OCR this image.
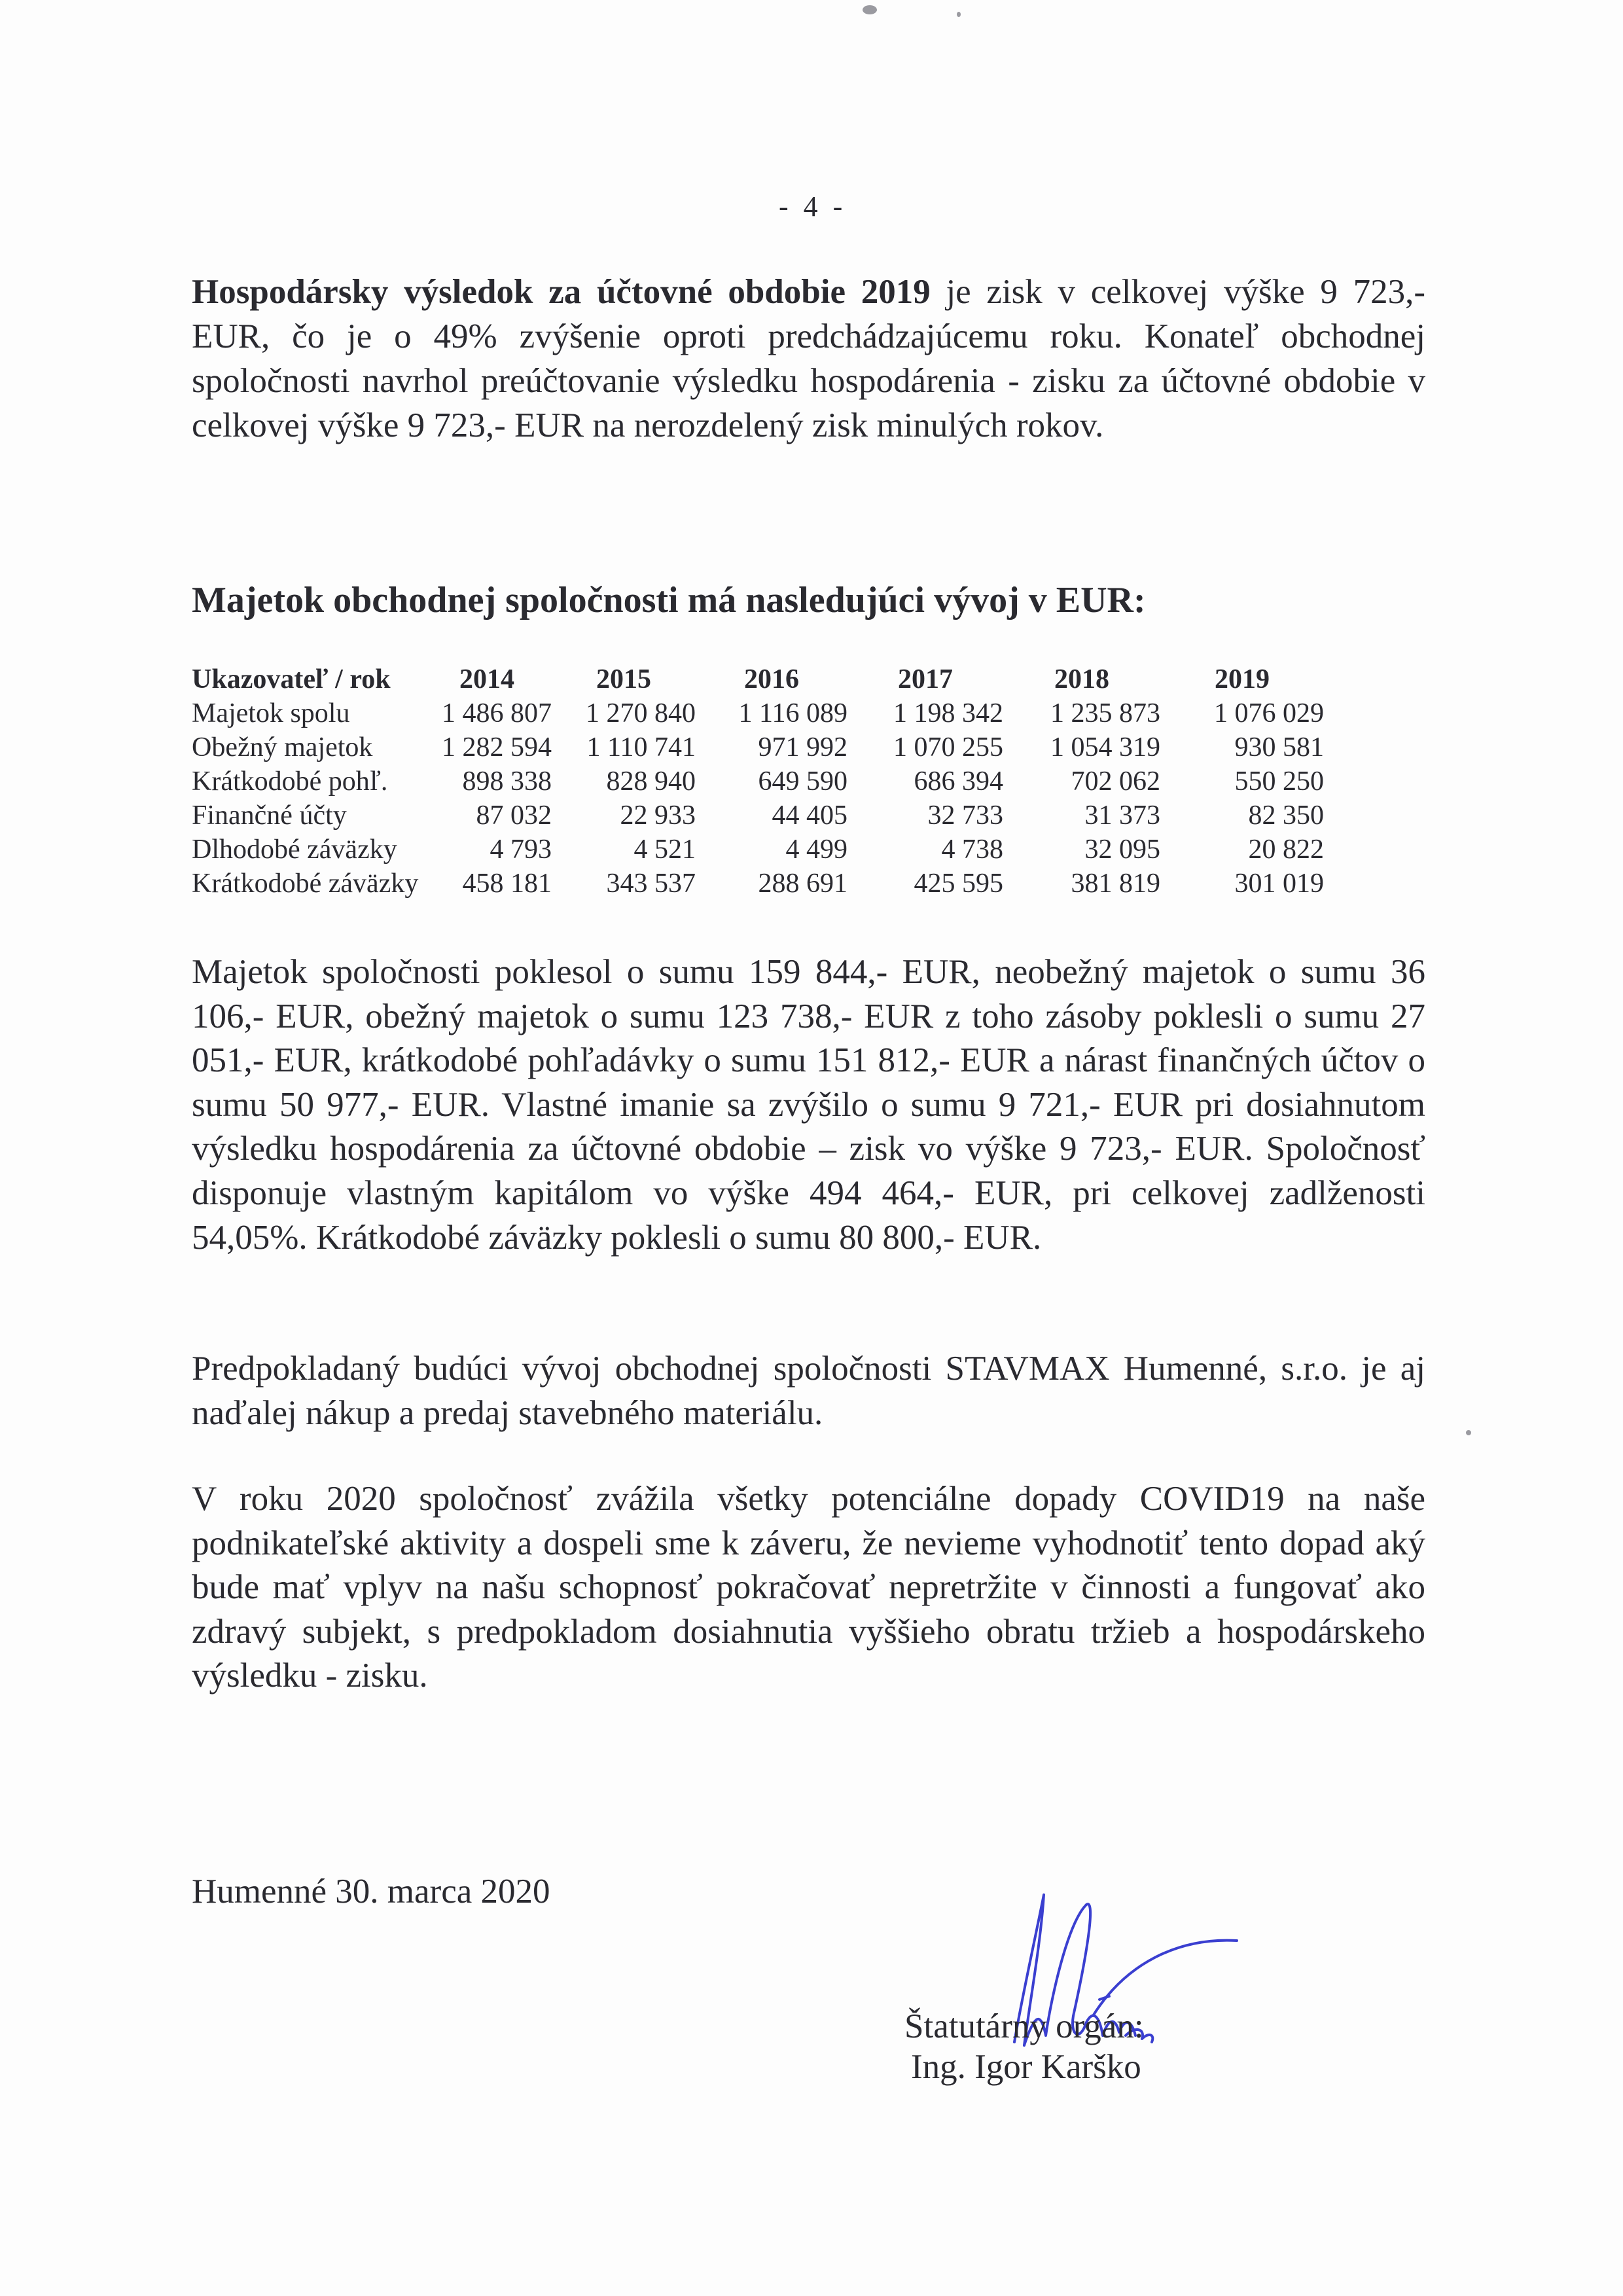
- 4 -
Hospodársky výsledok za účtovné obdobie 2019 je zisk v celkovej výške 9 723,- EUR, čo je o 49% zvýšenie oproti predchádzajúcemu roku. Konateľ obchodnej spoločnosti navrhol preúčtovanie výsledku hospodárenia - zisku za účtovné obdobie v celkovej výške 9 723,- EUR na nerozdelený zisk minulých rokov.
Majetok obchodnej spoločnosti má nasledujúci vývoj v EUR:
Ukazovateľ / rok	2014	2015	2016	2017	2018	2019
Majetok spolu	1 486 807	1 270 840	1 116 089	1 198 342	1 235 873	1 076 029
Obežný majetok	1 282 594	1 110 741	971 992	1 070 255	1 054 319	930 581
Krátkodobé pohľ.	898 338	828 940	649 590	686 394	702 062	550 250
Finančné účty	87 032	22 933	44 405	32 733	31 373	82 350
Dlhodobé záväzky	4 793	4 521	4 499	4 738	32 095	20 822
Krátkodobé záväzky	458 181	343 537	288 691	425 595	381 819	301 019
Majetok spoločnosti poklesol o sumu 159 844,- EUR, neobežný majetok o sumu 36 106,- EUR, obežný majetok o sumu 123 738,- EUR z toho zásoby poklesli o sumu 27 051,- EUR, krátkodobé pohľadávky o sumu 151 812,- EUR a nárast finančných účtov o sumu 50 977,- EUR. Vlastné imanie sa zvýšilo o sumu 9 721,- EUR pri dosiahnutom výsledku hospodárenia za účtovné obdobie – zisk vo výške 9 723,- EUR. Spoločnosť disponuje vlastným kapitálom vo výške 494 464,- EUR, pri celkovej zadlženosti 54,05%. Krátkodobé záväzky poklesli o sumu 80 800,- EUR.
Predpokladaný budúci vývoj obchodnej spoločnosti STAVMAX Humenné, s.r.o. je aj naďalej nákup a predaj stavebného materiálu.
V roku 2020 spoločnosť zvážila všetky potenciálne dopady COVID19 na naše podnikateľské aktivity a dospeli sme k záveru, že nevieme vyhodnotiť tento dopad aký bude mať vplyv na našu schopnosť pokračovať nepretržite v činnosti a fungovať ako zdravý subjekt, s predpokladom dosiahnutia vyššieho obratu tržieb a hospodárskeho výsledku - zisku.
Humenné 30. marca 2020
Štatutárny orgán:
Ing. Igor Karško
